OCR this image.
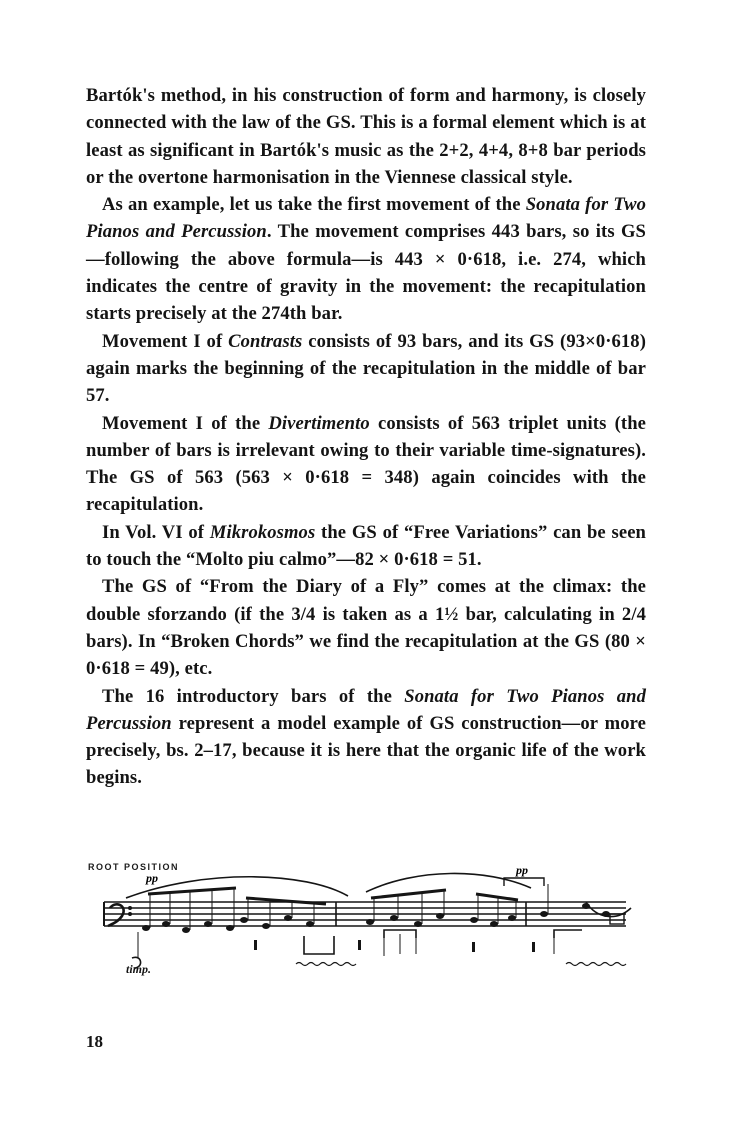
Bartók's method, in his construction of form and harmony, is closely connected with the law of the GS. This is a formal element which is at least as significant in Bartók's music as the 2+2, 4+4, 8+8 bar periods or the overtone harmonisation in the Viennese classical style.

As an example, let us take the first movement of the Sonata for Two Pianos and Percussion. The movement comprises 443 bars, so its GS—following the above formula—is 443 × 0·618, i.e. 274, which indicates the centre of gravity in the movement: the recapitulation starts precisely at the 274th bar.

Movement I of Contrasts consists of 93 bars, and its GS (93×0·618) again marks the beginning of the recapitulation in the middle of bar 57.

Movement I of the Divertimento consists of 563 triplet units (the number of bars is irrelevant owing to their variable time-signatures). The GS of 563 (563 × 0·618 = 348) again coincides with the recapitulation.

In Vol. VI of Mikrokosmos the GS of “Free Variations” can be seen to touch the “Molto piu calmo”—82 × 0·618 = 51.

The GS of “From the Diary of a Fly” comes at the climax: the double sforzando (if the 3/4 is taken as a 1½ bar, calculating in 2/4 bars). In “Broken Chords” we find the recapitulation at the GS (80 × 0·618 = 49), etc.

The 16 introductory bars of the Sonata for Two Pianos and Percussion represent a model example of GS construction—or more precisely, bs. 2–17, because it is here that the organic life of the work begins.

pp
pp
ROOT POSITION
timp.
18
